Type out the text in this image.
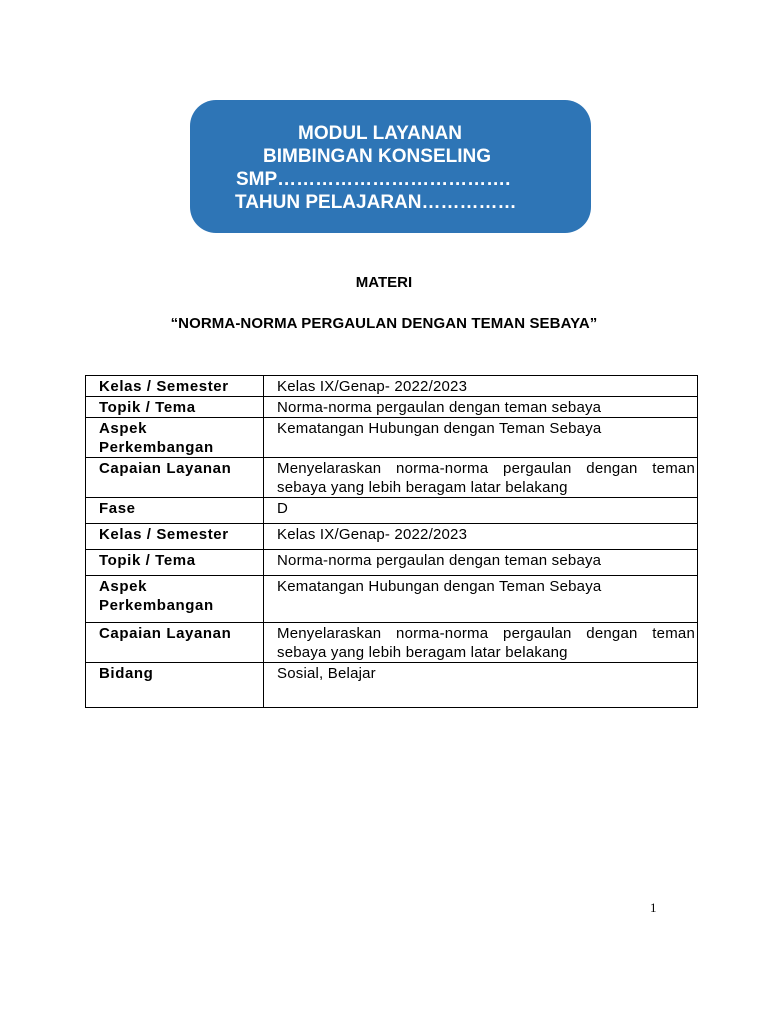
MODUL LAYANAN
BIMBINGAN KONSELING
SMP……………………………….
TAHUN PELAJARAN……………
MATERI
“NORMA-NORMA PERGAULAN DENGAN TEMAN SEBAYA”
Kelas / Semester	Kelas IX/Genap- 2022/2023
Topik / Tema	Norma-norma pergaulan dengan teman sebaya
Aspek Perkembangan	Kematangan Hubungan dengan Teman Sebaya
Capaian Layanan	Menyelaraskan norma-norma pergaulan dengan teman sebaya yang lebih beragam latar belakang
Fase	D
Kelas / Semester	Kelas IX/Genap- 2022/2023
Topik / Tema	Norma-norma pergaulan dengan teman sebaya
Aspek Perkembangan	Kematangan Hubungan dengan Teman Sebaya
Capaian Layanan	Menyelaraskan norma-norma pergaulan dengan teman sebaya yang lebih beragam latar belakang
Bidang	Sosial, Belajar
1
